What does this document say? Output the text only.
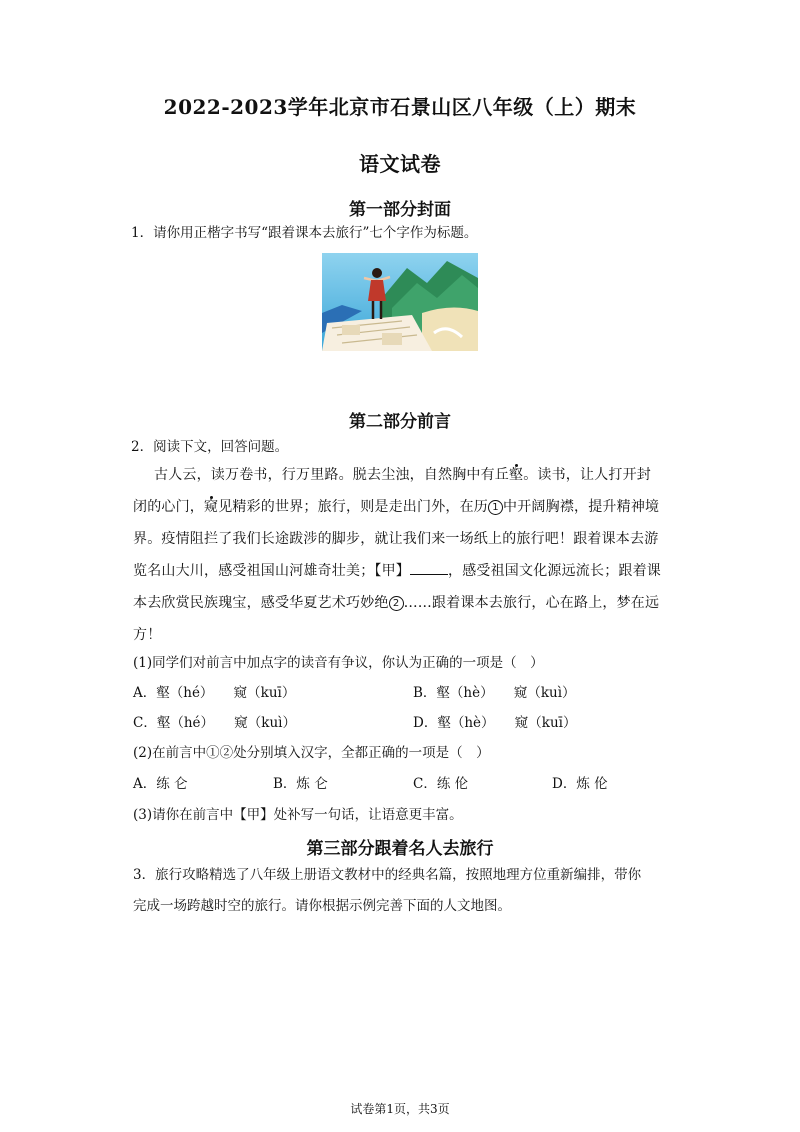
2022-2023学年北京市石景山区八年级（上）期末
语文试卷
第一部分封面
1．请你用正楷字书写“跟着课本去旅行”七个字作为标题。
第二部分前言
2．阅读下文，回答问题。
古人云，读万卷书，行万里路。脱去尘浊，自然胸中有丘壑。读书，让人打开封
闭的心门，窥见精彩的世界；旅行，则是走出门外，在历 1 中开阔胸襟，提升精神境
界。疫情阻拦了我们长途跋涉的脚步，就让我们来一场纸上的旅行吧！跟着课本去游
览名山大川，感受祖国山河雄奇壮美；【甲】	，感受祖国文化源远流长；跟着课
本去欣赏民族瑰宝，感受华夏艺术巧妙绝 2 ……跟着课本去旅行，心在路上，梦在远
方！
(1)同学们对前言中加点字的读音有争议，你认为正确的一项是（　）
A．壑（hé）　　窥（kuī）	B．壑（hè）　　窥（kuì）
C．壑（hé）　　窥（kuì）	D．壑（hè）　　窥（kuī）
(2)在前言中①②处分别填入汉字，全都正确的一项是（　）
A．练 仑	B．炼 仑	C．练 伦	D．炼 伦
(3)请你在前言中【甲】处补写一句话，让语意更丰富。
第三部分跟着名人去旅行
3．旅行攻略精选了八年级上册语文教材中的经典名篇，按照地理方位重新编排，带你
完成一场跨越时空的旅行。请你根据示例完善下面的人文地图。
试卷第1页，共3页
